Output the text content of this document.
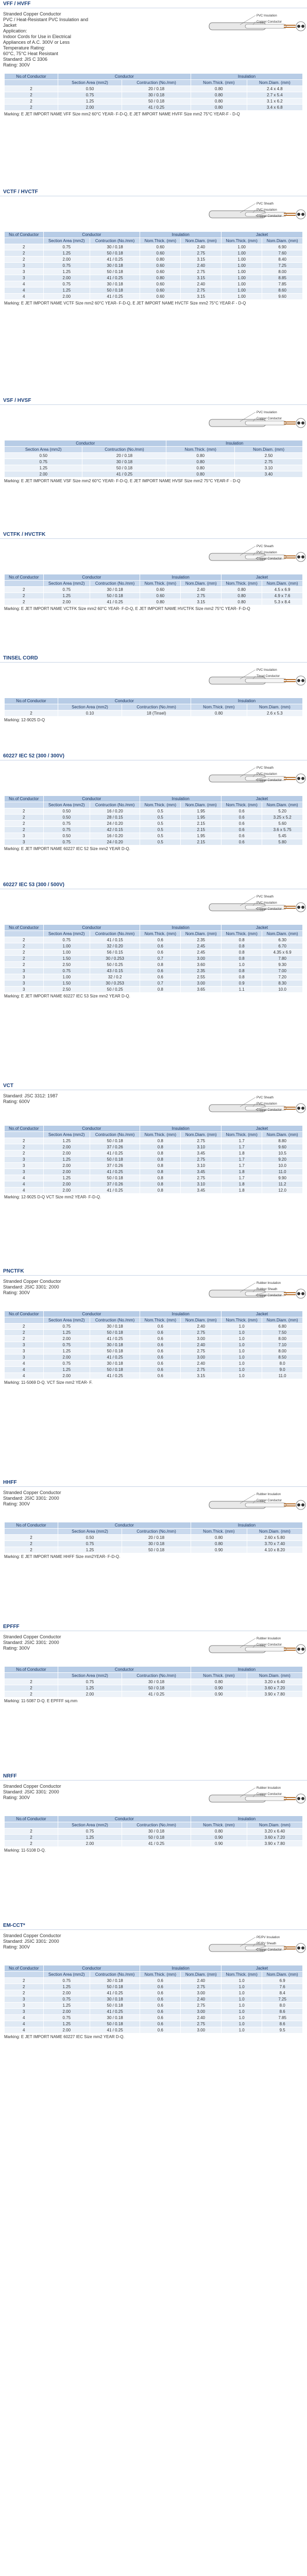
VFF / HVFF
Stranded Copper Conductor
PVC / Heat-Resistant PVC Insulation and
Jacket
Application:
Indoor Cords for Use in Electrical
Appliances of A.C. 300V or Less
Temperature Rating:
60°C, 75°C Heat Resistant
Standard: JIS C 3306
Rating: 300V
PVC Insulation
Copper Conductor
No.of Conductor	Conductor		Insulation	
	Section Area (mm2)	Contruction (No./mm)	Nom.Thick. (mm)	Nom.Diam. (mm)
2	0.50	20 / 0.18	0.80	2.4 x 4.8
2	0.75	30 / 0.18	0.80	2.7 x 5.4
2	1.25	50 / 0.18	0.80	3.1 x 6.2
2	2.00	41 / 0.25	0.80	3.4 x 6.8
Marking: E JET IMPORT NAME VFF Size mm2 60°C YEAR- F-D-Q, E JET IMPORT NAME HVFF Size mm2 75°C YEAR-F - D-Q
VCTF / HVCTF
PVC Sheath
PVC Insulation
Copper Conductor
No.of Conductor	Conductor		Insulation		Jacket	
	Section Area (mm2)	Contruction (No./mm)	Nom.Thick. (mm)	Nom.Diam. (mm)	Nom.Thick. (mm)	Nom.Diam. (mm)
2	0.75	30 / 0.18	0.60	2.40	1.00	6.90
2	1.25	50 / 0.18	0.60	2.75	1.00	7.60
2	2.00	41 / 0.25	0.80	3.15	1.00	8.40
3	0.75	30 / 0.18	0.60	2.40	1.00	7.25
3	1.25	50 / 0.18	0.60	2.75	1.00	8.00
3	2.00	41 / 0.25	0.80	3.15	1.00	8.85
4	0.75	30 / 0.18	0.60	2.40	1.00	7.85
4	1.25	50 / 0.18	0.60	2.75	1.00	8.60
4	2.00	41 / 0.25	0.60	3.15	1.00	9.60
Marking: E JET IMPORT NAME VCTF Size mm2 60°C YEAR- F-D-Q, E JET IMPORT NAME HVCTF Size mm2 75°C YEAR-F - D-Q
VSF / HVSF
PVC Insulation
Copper Conductor
Conductor		Insulation	
Section Area (mm2)	Contruction (No./mm)	Nom.Thick. (mm)	Nom.Diam. (mm)
0.50	20 / 0.18	0.80	2.50
0.75	30 / 0.18	0.80	2.75
1.25	50 / 0.18	0.80	3.10
2.00	41 / 0.25	0.80	3.40
Marking: E JET IMPORT NAME VSF Size mm2 60°C YEAR- F-D-Q, E JET IMPORT NAME HVSF Size mm2 75°C YEAR-F - D-Q
VCTFK / HVCTFK
PVC Sheath
PVC Insulation
Copper Conductor
No.of Conductor	Conductor		Insulation		Jacket	
	Section Area (mm2)	Contruction (No./mm)	Nom.Thick. (mm)	Nom.Diam. (mm)	Nom.Thick. (mm)	Nom.Diam. (mm)
2	0.75	30 / 0.18	0.60	2.40	0.80	4.5 x 6.9
2	1.25	50 / 0.18	0.60	2.75	0.80	4.9 x 7.6
2	2.00	41 / 0.25	0.80	3.15	0.80	5.3 x 8.4
Marking: E JET IMPORT NAME VCTFK Size mm2 60°C YEAR- F-D-Q, E JET IMPORT NAME HVCTFK Size mm2 75°C YEAR- F-D-Q
TINSEL CORD
PVC Insulation
Tinsel Conductor
No.of Conductor	Conductor		Insulation	
	Section Area (mm2)	Contruction (No./mm)	Nom.Thick. (mm)	Nom.Diam. (mm)
2	0.10	18 (Tinsel)	0.80	2.6 x 5.3
Marking: 12-9025 D-Q
60227 IEC 52 (300 / 300V)
PVC Sheath
PVC Insulation
Copper Conductor
No.of Conductor	Conductor		Insulation		Jacket	
	Section Area (mm2)	Contruction (No./mm)	Nom.Thick. (mm)	Nom.Diam. (mm)	Nom.Thick. (mm)	Nom.Diam. (mm)
2	0.50	16 / 0.20	0.5	1.95	0.6	5.20
2	0.50	28 / 0.15	0.5	1.95	0.6	3.25 x 5.2
2	0.75	24 / 0.20	0.5	2.15	0.6	5.60
2	0.75	42 / 0.15	0.5	2.15	0.6	3.6 x 5.75
3	0.50	16 / 0.20	0.5	1.95	0.6	5.45
3	0.75	24 / 0.20	0.5	2.15	0.6	5.80
Marking: E JET IMPORT NAME 60227 IEC 52 Size mm2 YEAR D-Q.
60227 IEC 53 (300 / 500V)
PVC Sheath
PVC Insulation
Copper Conductor
No.of Conductor	Conductor		Insulation		Jacket	
	Section Area (mm2)	Contruction (No./mm)	Nom.Thick. (mm)	Nom.Diam. (mm)	Nom.Thick. (mm)	Nom.Diam. (mm)
2	0.75	41 / 0.15	0.6	2.35	0.8	6.30
2	1.00	32 / 0.20	0.6	2.45	0.8	6.70
2	1.00	56 / 0.15	0.6	2.45	0.8	4.35 x 6.9
2	1.50	30 / 0.253	0.7	3.00	0.8	7.80
2	2.50	50 / 0.25	0.8	3.60	1.0	9.30
3	0.75	43 / 0.15	0.6	2.35	0.8	7.00
3	1.00	32 / 0.2	0.6	2.55	0.8	7.20
3	1.50	30 / 0.253	0.7	3.00	0.9	8.30
3	2.50	50 / 0.25	0.8	3.65	1.1	10.0
Marking: E JET IMPORT NAME 60227 IEC 53 Size mm2 YEAR D-Q.
VCT
Standard: JSC 3312: 1987
Rating: 600V
PVC Sheath
PVC Insulation
Copper Conductor
No.of Conductor	Conductor		Insulation		Jacket	
	Section Area (mm2)	Contruction (No./mm)	Nom.Thick. (mm)	Nom.Diam. (mm)	Nom.Thick. (mm)	Nom.Diam. (mm)
2	1.25	50 / 0.18	0.8	2.75	1.7	8.80
2	2.00	37 / 0.26	0.8	3.10	1.7	9.60
2	2.00	41 / 0.25	0.8	3.45	1.8	10.5
3	1.25	50 / 0.18	0.8	2.75	1.7	9.20
3	2.00	37 / 0.26	0.8	3.10	1.7	10.0
3	2.00	41 / 0.25	0.8	3.45	1.8	11.0
4	1.25	50 / 0.18	0.8	2.75	1.7	9.90
4	2.00	37 / 0.26	0.8	3.10	1.8	11.2
4	2.00	41 / 0.25	0.8	3.45	1.8	12.0
Marking: 12-9025 D-Q VCT Size mm2 YEAR- F-D-Q.
PNCTFK
Stranded Copper Conductor
Standard: JSIC 3301: 2000
Rating: 300V
Rubber Insulation
Rubber Sheath
Copper Conductor
No.of Conductor	Conductor		Insulation		Jacket	
	Section Area (mm2)	Contruction (No./mm)	Nom.Thick. (mm)	Nom.Diam. (mm)	Nom.Thick. (mm)	Nom.Diam. (mm)
2	0.75	30 / 0.18	0.6	2.40	1.0	6.80
2	1.25	50 / 0.18	0.6	2.75	1.0	7.50
2	2.00	41 / 0.25	0.6	3.00	1.0	8.00
3	0.75	30 / 0.18	0.6	2.40	1.0	7.10
3	1.25	50 / 0.18	0.6	2.75	1.0	8.00
3	2.00	41 / 0.25	0.6	3.00	1.0	8.50
4	0.75	30 / 0.18	0.6	2.40	1.0	8.0
4	1.25	50 / 0.18	0.6	2.75	1.0	9.0
4	2.00	41 / 0.25	0.6	3.15	1.0	11.0
Marking: 11-5069 D-Q. VCT Size mm2 YEAR- F.
HHFF
Stranded Copper Conductor
Standard: JSIC 3301: 2000
Rating: 300V
Rubber Insulation
Copper Conductor
No.of Conductor	Conductor		Insulation	
	Section Area (mm2)	Contruction (No./mm)	Nom.Thick. (mm)	Nom.Diam. (mm)
2	0.50	20 / 0.18	0.80	2.60 x 5.80
2	0.75	30 / 0.18	0.80	3.70 x 7.40
2	1.25	50 / 0.18	0.90	4.10 x 8.20
Marking: E JET IMPORT NAME HHFF Size mm2YEAR- F-D-Q.
EPFFF
Stranded Copper Conductor
Standard: JSIC 3301: 2000
Rating: 300V
Rubber Insulation
Copper Conductor
No.of Conductor	Conductor		Insulation	
	Section Area (mm2)	Contruction (No./mm)	Nom.Thick. (mm)	Nom.Diam. (mm)
2	0.75	30 / 0.18	0.80	3.20 x 6.40
2	1.25	50 / 0.18	0.90	3.60 x 7.20
2	2.00	41 / 0.25	0.90	3.90 x 7.80
Marking: 11-5087 D-Q. E EPFFF sq.mm
NRFF
Stranded Copper Conductor
Standard: JSIC 3301: 2000
Rating: 300V
Rubber Insulation
Copper Conductor
No.of Conductor	Conductor		Insulation	
	Section Area (mm2)	Contruction (No./mm)	Nom.Thick. (mm)	Nom.Diam. (mm)
2	0.75	30 / 0.18	0.80	3.20 x 6.40
2	1.25	50 / 0.18	0.90	3.60 x 7.20
2	2.00	41 / 0.25	0.90	3.90 x 7.80
Marking: 11-5108 D-Q.
EM-CCT*
Stranded Copper Conductor
Standard: JSIC 3301: 2000
Rating: 300V
PE/PV Insulation
PE/PV Sheath
Copper Conductor
No.of Conductor	Conductor		Insulation		Jacket	
	Section Area (mm2)	Contruction (No./mm)	Nom.Thick. (mm)	Nom.Diam. (mm)	Nom.Thick. (mm)	Nom.Diam. (mm)
2	0.75	30 / 0.18	0.6	2.40	1.0	6.9
2	1.25	50 / 0.18	0.6	2.75	1.0	7.6
2	2.00	41 / 0.25	0.6	3.00	1.0	8.4
3	0.75	30 / 0.18	0.6	2.40	1.0	7.25
3	1.25	50 / 0.18	0.6	2.75	1.0	8.0
3	2.00	41 / 0.25	0.6	3.00	1.0	8.6
4	0.75	30 / 0.18	0.6	2.40	1.0	7.85
4	1.25	50 / 0.18	0.6	2.75	1.0	8.6
4	2.00	41 / 0.25	0.6	3.00	1.0	9.5
Marking: E JET IMPORT NAME 60227 IEC Size mm2 YEAR D-Q.
